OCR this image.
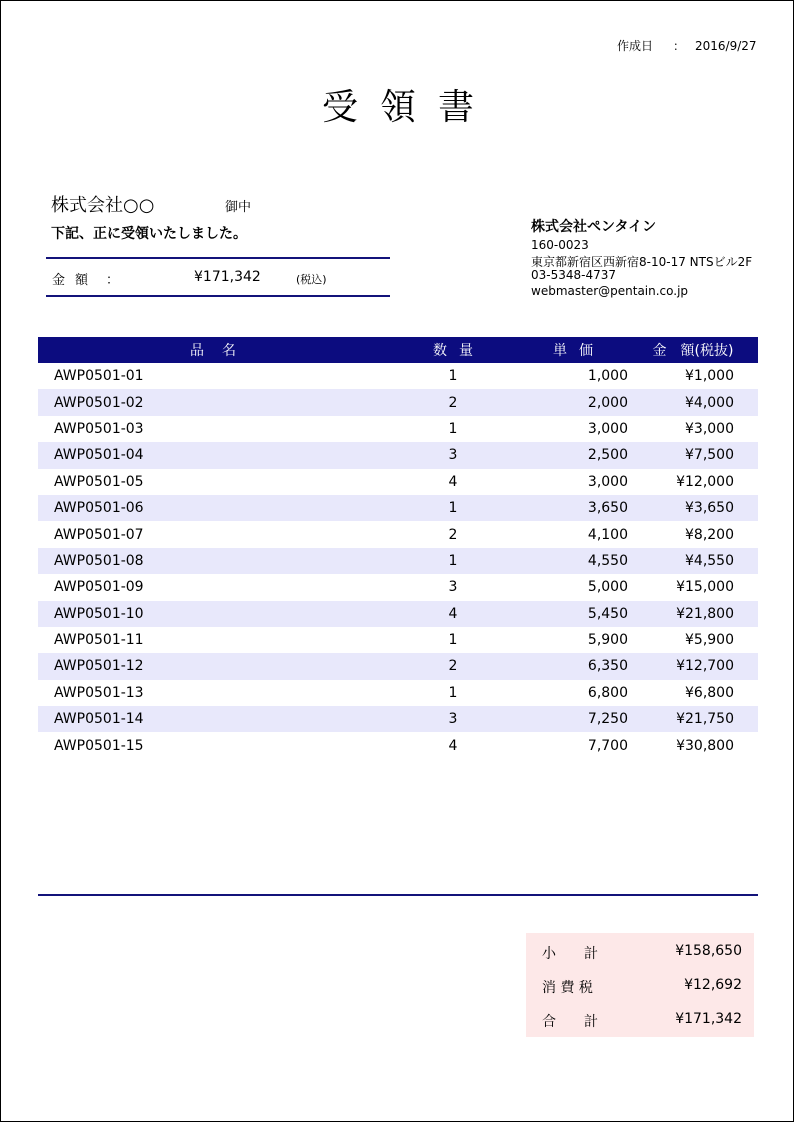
作成日 ： 2016/9/27
受領書
株式会社○○	御中
下記、正に受領いたしました。
金額 ：	¥171,342	(税込)
株式会社ペンタイン
160-0023
東京都新宿区西新宿8-10-17 NTSビル2F
03-5348-4737
webmaster@pentain.co.jp
品名	数量	単価	金　額(税抜)
AWP0501-01	1	1,000	¥1,000
AWP0501-02	2	2,000	¥4,000
AWP0501-03	1	3,000	¥3,000
AWP0501-04	3	2,500	¥7,500
AWP0501-05	4	3,000	¥12,000
AWP0501-06	1	3,650	¥3,650
AWP0501-07	2	4,100	¥8,200
AWP0501-08	1	4,550	¥4,550
AWP0501-09	3	5,000	¥15,000
AWP0501-10	4	5,450	¥21,800
AWP0501-11	1	5,900	¥5,900
AWP0501-12	2	6,350	¥12,700
AWP0501-13	1	6,800	¥6,800
AWP0501-14	3	7,250	¥21,750
AWP0501-15	4	7,700	¥30,800
小　　計	¥158,650
消 費 税	¥12,692
合　　計	¥171,342
